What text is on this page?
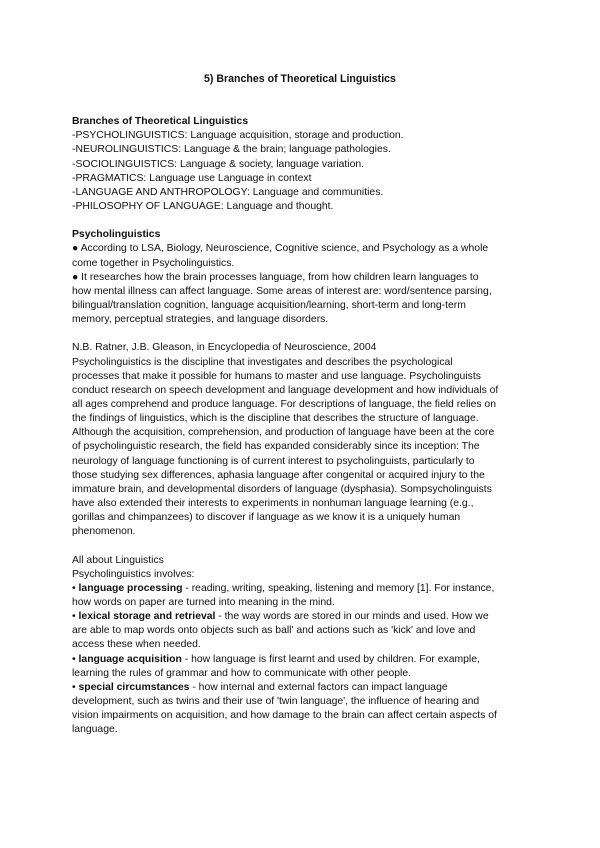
5) Branches of Theoretical Linguistics
Branches of Theoretical Linguistics
-PSYCHOLINGUISTICS: Language acquisition, storage and production.
-NEUROLINGUISTICS: Language & the brain; language pathologies.
-SOCIOLINGUISTICS: Language & society, language variation.
-PRAGMATICS: Language use Language in context
-LANGUAGE AND ANTHROPOLOGY: Language and communities.
-PHILOSOPHY OF LANGUAGE: Language and thought.
Psycholinguistics
● According to LSA, Biology, Neuroscience, Cognitive science, and Psychology as a whole
come together in Psycholinguistics.
● It researches how the brain processes language, from how children learn languages to
how mental illness can affect language. Some areas of interest are: word/sentence parsing,
bilingual/translation cognition, language acquisition/learning, short-term and long-term
memory, perceptual strategies, and language disorders.
N.B. Ratner, J.B. Gleason, in Encyclopedia of Neuroscience, 2004
Psycholinguistics is the discipline that investigates and describes the psychological
processes that make it possible for humans to master and use language. Psycholinguists
conduct research on speech development and language development and how individuals of
all ages comprehend and produce language. For descriptions of language, the field relies on
the findings of linguistics, which is the discipline that describes the structure of language.
Although the acquisition, comprehension, and production of language have been at the core
of psycholinguistic research, the field has expanded considerably since its inception: The
neurology of language functioning is of current interest to psycholinguists, particularly to
those studying sex differences, aphasia language after congenital or acquired injury to the
immature brain, and developmental disorders of language (dysphasia). Sompsycholinguists
have also extended their interests to experiments in nonhuman language learning (e.g.,
gorillas and chimpanzees) to discover if language as we know it is a uniquely human
phenomenon.
All about Linguistics
Psycholinguistics involves:
• language processing - reading, writing, speaking, listening and memory [1]. For instance,
how words on paper are turned into meaning in the mind.
• lexical storage and retrieval - the way words are stored in our minds and used. How we
are able to map words onto objects such as ball' and actions such as 'kick' and love and
access these when needed.
• language acquisition - how language is first learnt and used by children. For example,
learning the rules of grammar and how to communicate with other people.
• special circumstances - how internal and external factors can impact language
development, such as twins and their use of 'twin language', the influence of hearing and
vision impairments on acquisition, and how damage to the brain can affect certain aspects of
language.
